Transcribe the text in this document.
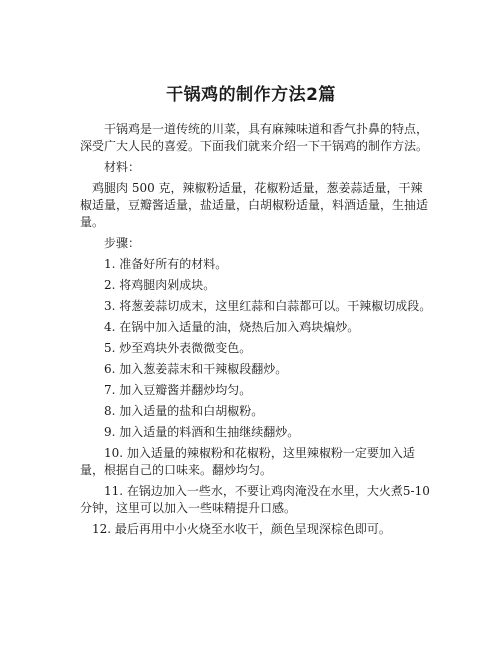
干锅鸡的制作方法2篇

干锅鸡是一道传统的川菜，具有麻辣味道和香气扑鼻的特点，深受广大人民的喜爱。下面我们就来介绍一下干锅鸡的制作方法。

材料：

鸡腿肉 500 克，辣椒粉适量，花椒粉适量，葱姜蒜适量，干辣椒适量，豆瓣酱适量，盐适量，白胡椒粉适量，料酒适量，生抽适量。

步骤：

1. 准备好所有的材料。

2. 将鸡腿肉剁成块。

3. 将葱姜蒜切成末，这里红蒜和白蒜都可以。干辣椒切成段。

4. 在锅中加入适量的油，烧热后加入鸡块煸炒。

5. 炒至鸡块外表微微变色。

6. 加入葱姜蒜末和干辣椒段翻炒。

7. 加入豆瓣酱并翻炒均匀。

8. 加入适量的盐和白胡椒粉。

9. 加入适量的料酒和生抽继续翻炒。

10. 加入适量的辣椒粉和花椒粉，这里辣椒粉一定要加入适量，根据自己的口味来。翻炒均匀。

11. 在锅边加入一些水，不要让鸡肉淹没在水里，大火煮5-10分钟，这里可以加入一些味精提升口感。

12. 最后再用中小火烧至水收干，颜色呈现深棕色即可。
